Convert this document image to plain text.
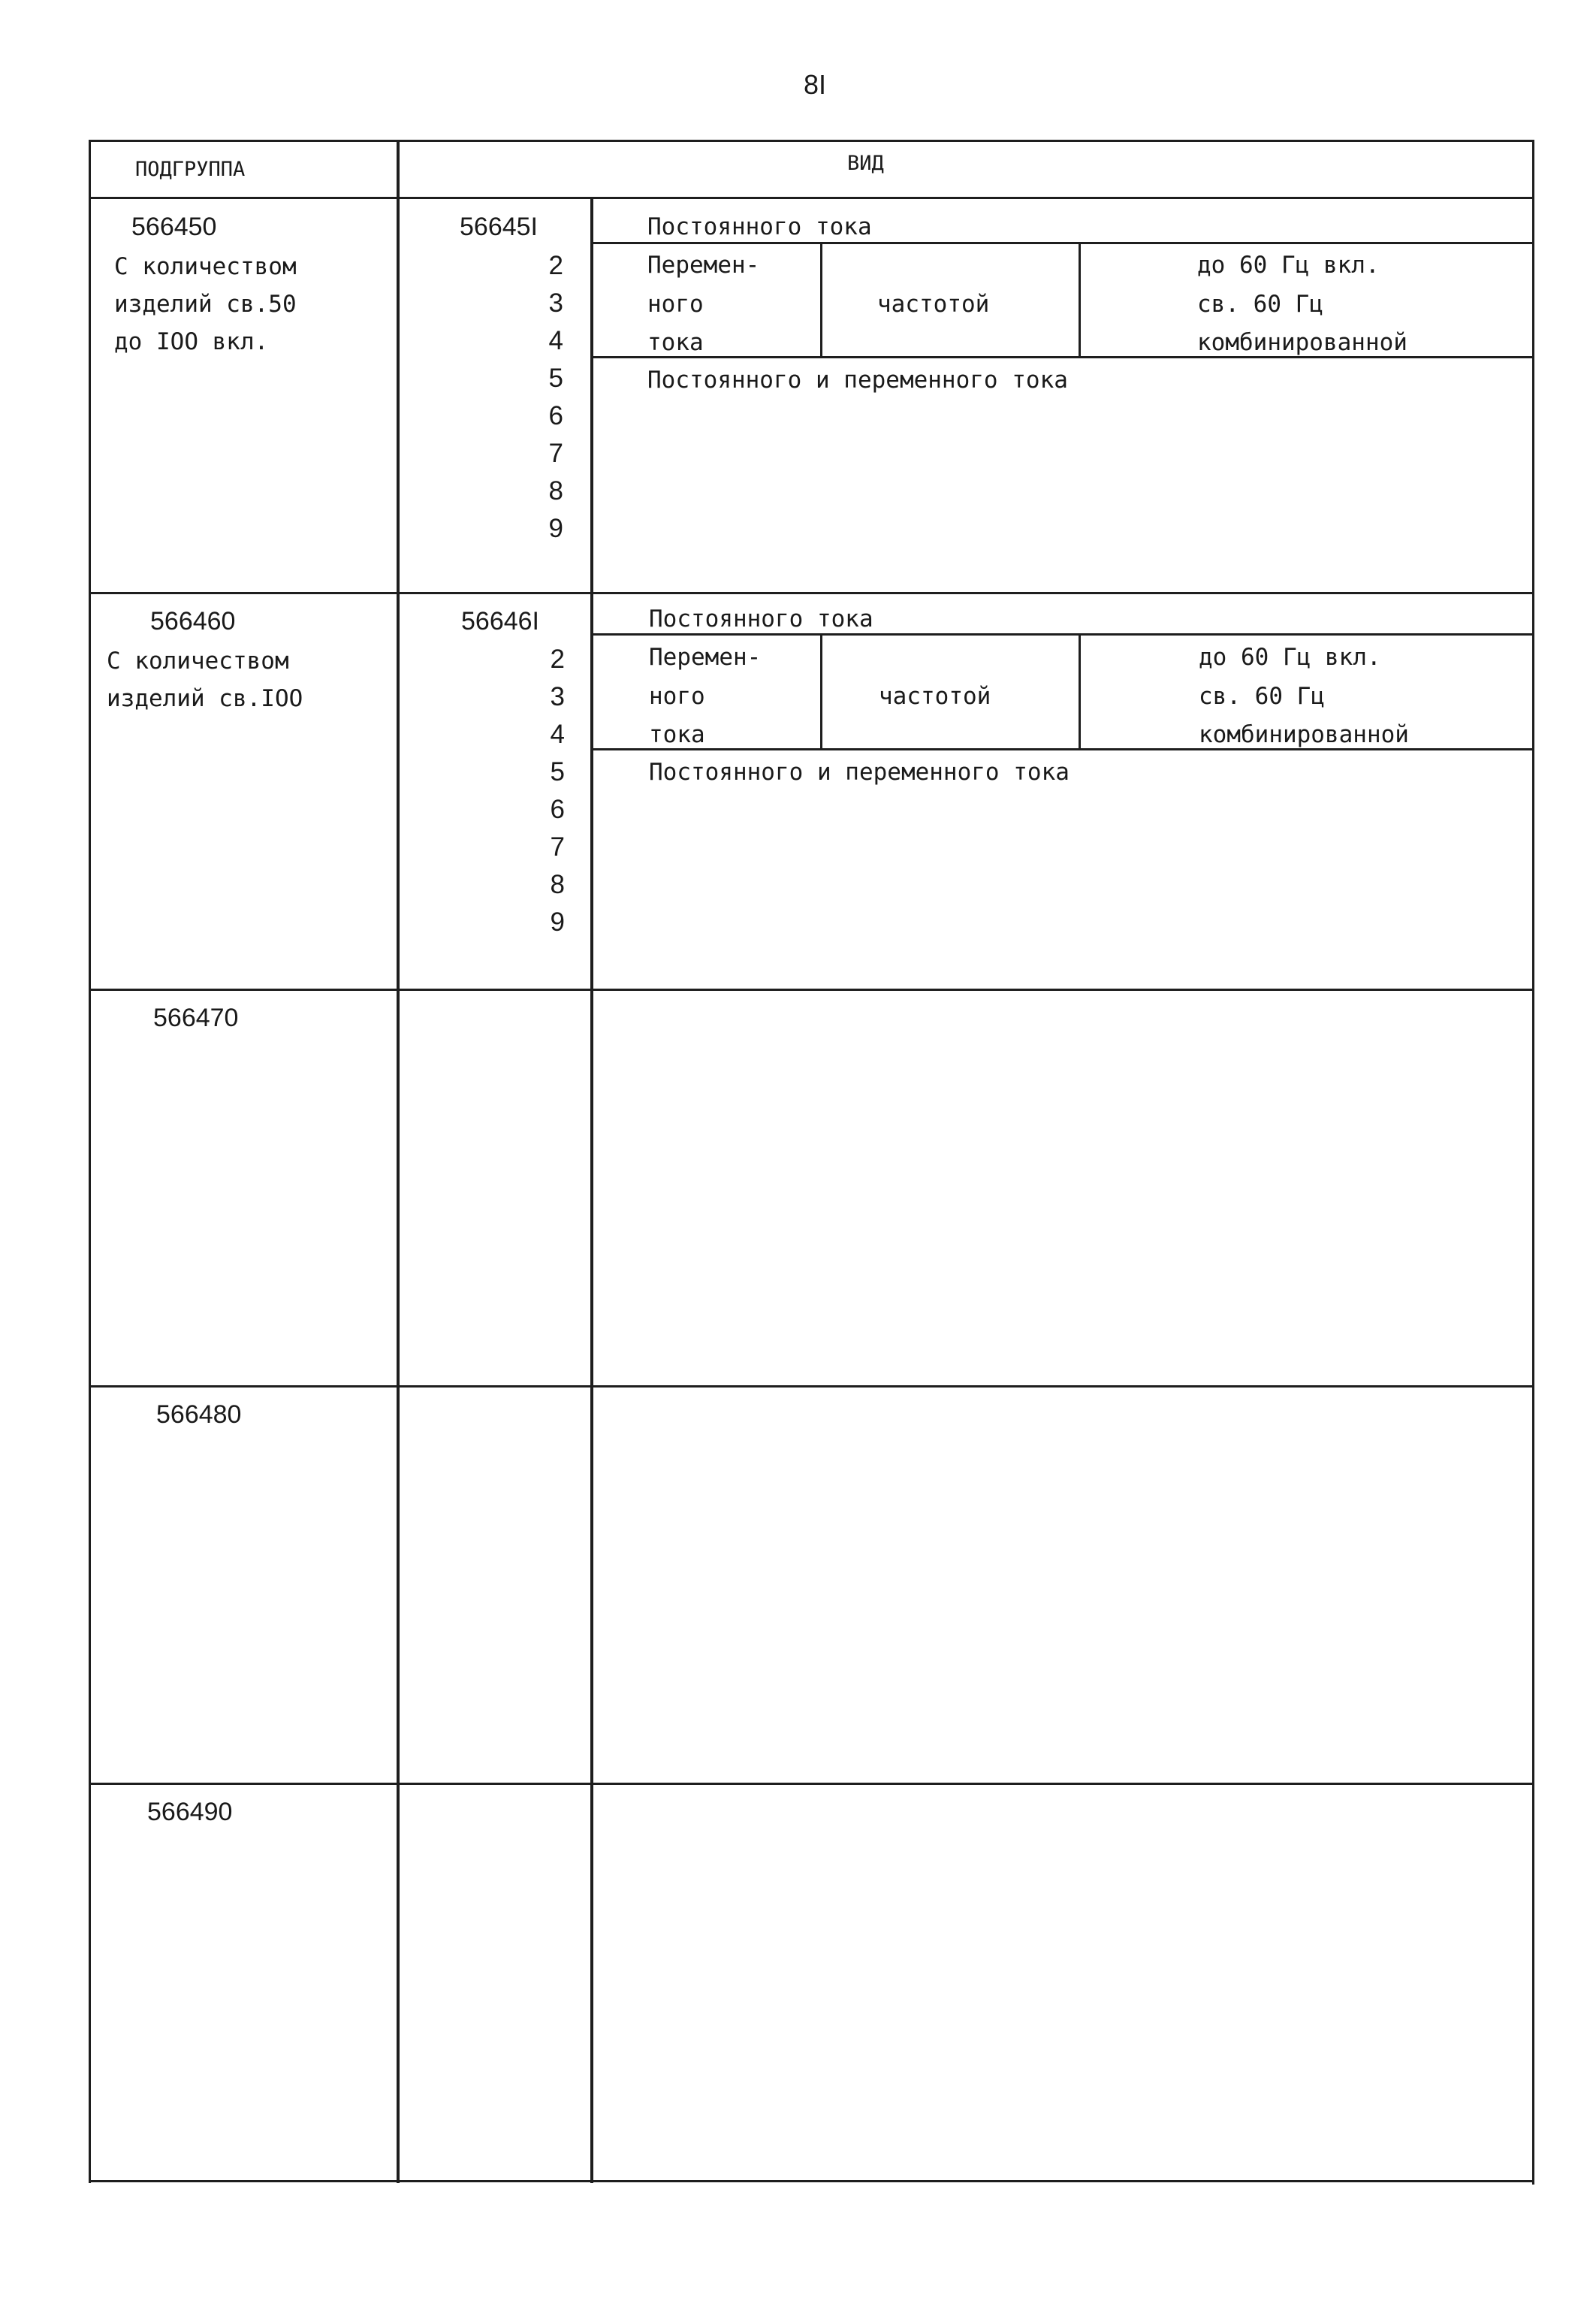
8I
ПОДГРУППА	ВИД
566450
С количеством
изделий св.50
до IOO вкл.
56645I
2
3
4
5
6
7
8
9
Постоянного тока
Перемен-
ного
тока
частотой
до 60 Гц вкл.
св. 60 Гц
комбинированной
Постоянного и переменного тока
566460
С количеством
изделий св.IOO
56646I
2
3
4
5
6
7
8
9
Постоянного тока
Перемен-
ного
тока
частотой
до 60 Гц вкл.
св. 60 Гц
комбинированной
Постоянного и переменного тока
566470
566480
566490
